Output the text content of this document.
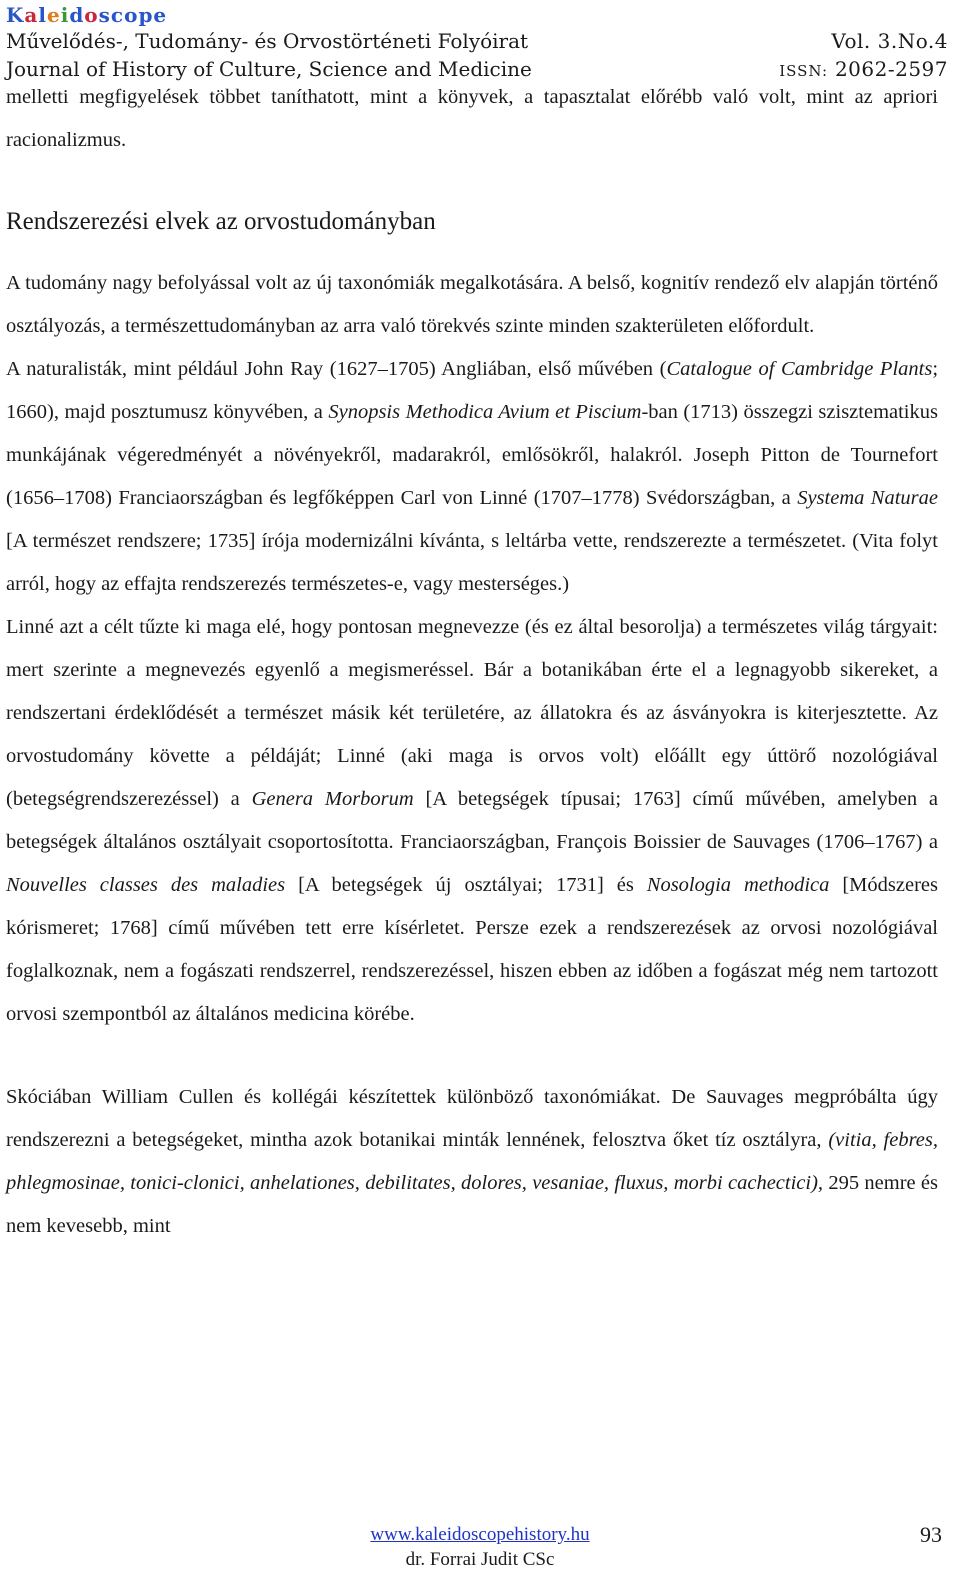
Kaleidoscope
Művelődés-, Tudomány- és Orvostörténeti Folyóirat	Vol. 3.No.4
Journal of History of Culture, Science and Medicine	ISSN: 2062-2597

melletti megfigyelések többet taníthatott, mint a könyvek, a tapasztalat előrébb való volt, mint az apriori racionalizmus.

Rendszerezési elvek az orvostudományban

A tudomány nagy befolyással volt az új taxonómiák megalkotására. A belső, kognitív rendező elv alapján történő osztályozás, a természettudományban az arra való törekvés szinte minden szakterületen előfordult.

A naturalisták, mint például John Ray (1627–1705) Angliában, első művében (Catalogue of Cambridge Plants; 1660), majd posztumusz könyvében, a Synopsis Methodica Avium et Piscium-ban (1713) összegzi szisztematikus munkájának végeredményét a növényekről, madarakról, emlősökről, halakról. Joseph Pitton de Tournefort (1656–1708) Franciaországban és legfőképpen Carl von Linné (1707–1778) Svédországban, a Systema Naturae [A természet rendszere; 1735] írója modernizálni kívánta, s leltárba vette, rendszerezte a természetet. (Vita folyt arról, hogy az effajta rendszerezés természetes-e, vagy mesterséges.)

Linné azt a célt tűzte ki maga elé, hogy pontosan megnevezze (és ez által besorolja) a természetes világ tárgyait: mert szerinte a megnevezés egyenlő a megismeréssel. Bár a botanikában érte el a legnagyobb sikereket, a rendszertani érdeklődését a természet másik két területére, az állatokra és az ásványokra is kiterjesztette. Az orvostudomány követte a példáját; Linné (aki maga is orvos volt) előállt egy úttörő nozológiával (betegségrendszerezéssel) a Genera Morborum [A betegségek típusai; 1763] című művében, amelyben a betegségek általános osztályait csoportosította. Franciaországban, François Boissier de Sauvages (1706–1767) a Nouvelles classes des maladies [A betegségek új osztályai; 1731] és Nosologia methodica [Módszeres kórismeret; 1768] című művében tett erre kísérletet. Persze ezek a rendszerezések az orvosi nozológiával foglalkoznak, nem a fogászati rendszerrel, rendszerezéssel, hiszen ebben az időben a fogászat még nem tartozott orvosi szempontból az általános medicina körébe.

Skóciában William Cullen és kollégái készítettek különböző taxonómiákat. De Sauvages megpróbálta úgy rendszerezni a betegségeket, mintha azok botanikai minták lennének, felosztva őket tíz osztályra, (vitia, febres, phlegmosinae, tonici-clonici, anhelationes, debilitates, dolores, vesaniae, fluxus, morbi cachectici), 295 nemre és nem kevesebb, mint

www.kaleidoscopehistory.hu
dr. Forrai Judit CSc
93
